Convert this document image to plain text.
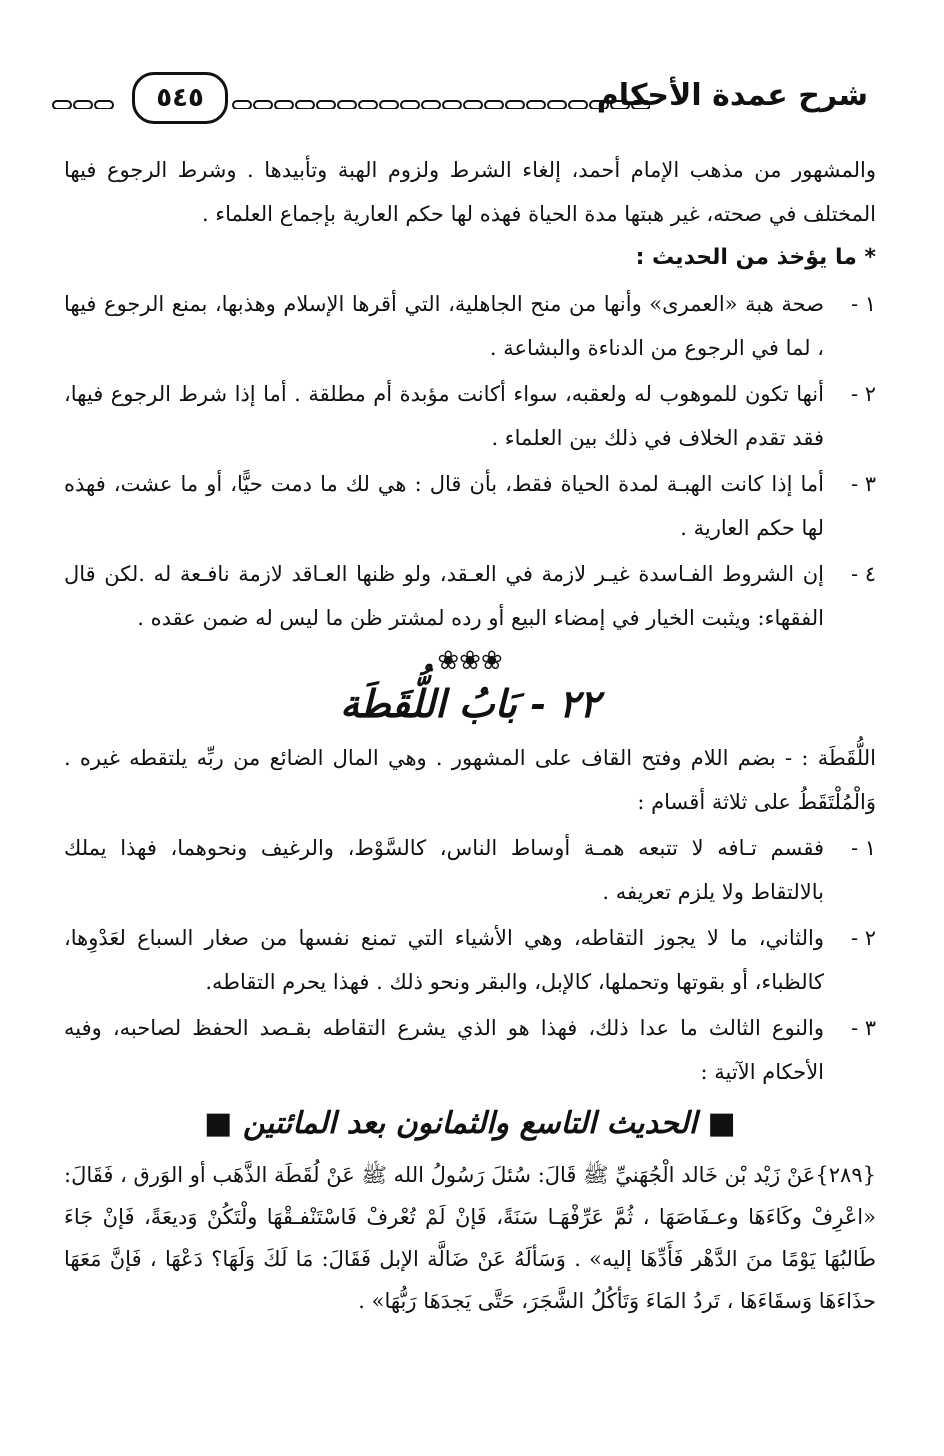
شرح عمدة الأحكام
٥٤٥

والمشهور من مذهب الإمام أحمد، إلغاء الشرط ولزوم الهبة وتأبيدها . وشرط الرجوع فيها المختلف في صحته، غير هبتها مدة الحياة فهذه لها حكم العارية بإجماع العلماء .

* ما يؤخذ من الحديث :

١ -
صحة هبة «العمرى» وأنها من منح الجاهلية، التي أقرها الإسلام وهذبها، بمنع الرجوع فيها ، لما في الرجوع من الدناءة والبشاعة .
٢ -
أنها تكون للموهوب له ولعقبه، سواء أكانت مؤبدة أم مطلقة . أما إذا شرط الرجوع فيها، فقد تقدم الخلاف في ذلك بين العلماء .
٣ -
أما إذا كانت الهبـة لمدة الحياة فقط، بأن قال : هي لك ما دمت حيًّا، أو ما عشت، فهذه لها حكم العارية .
٤ -
إن الشروط الفـاسدة غيـر لازمة في العـقد، ولو ظنها العـاقد لازمة نافـعة له .لكن قال الفقهاء: ويثبت الخيار في إمضاء البيع أو رده لمشتر ظن ما ليس له ضمن عقده .
❀❀❀

٢٢ - بَابُ اللُّقَطَة

اللُّقَطَة : - بضم اللام وفتح القاف على المشهور . وهي المال الضائع من ربِّه يلتقطه غيره . وَالْمُلْتَقَطُ على ثلاثة أقسام :

١ -
فقسم تـافه لا تتبعه همـة أوساط الناس، كالسَّوْط، والرغيف ونحوهما، فهذا يملك بالالتقاط ولا يلزم تعريفه .
٢ -
والثاني، ما لا يجوز التقاطه، وهي الأشياء التي تمنع نفسها من صغار السباع لعَدْوِها، كالظباء، أو بقوتها وتحملها، كالإبل، والبقر ونحو ذلك . فهذا يحرم التقاطه.
٣ -
والنوع الثالث ما عدا ذلك، فهذا هو الذي يشرع التقاطه بقـصد الحفظ لصاحبه، وفيه الأحكام الآتية :

■ الحديث التاسع والثمانون بعد المائتين ■

{٢٨٩}عَنْ زَيْد بْن خَالد الْجُهَنيِّ ﷺ قَالَ: سُئلَ رَسُولُ الله ﷺ عَنْ لُقَطَة الذَّهَب أو الوَرق ، فَقَالَ: «اعْرِفْ وكَاءَهَا وعـفَاصَهَا ، ثُمَّ عَرِّفْهَـا سَنَةً، فَإنْ لَمْ تُعْرفْ فَاسْتَنْفـقْهَا ولْتَكُنْ وَديعَةً، فَإنْ جَاءَ طَالبُهَا يَوْمًا منَ الدَّهْر فَأَدِّهَا إليه» . وَسَألَهُ عَنْ ضَالَّة الإبل فَقَالَ: مَا لَكَ وَلَهَا؟ دَعْهَا ، فَإنَّ مَعَهَا حذَاءَهَا وَسقَاءَهَا ، تَردُ المَاءَ وَتَأكُلُ الشَّجَرَ، حَتَّى يَجدَهَا رَبُّهَا» .
